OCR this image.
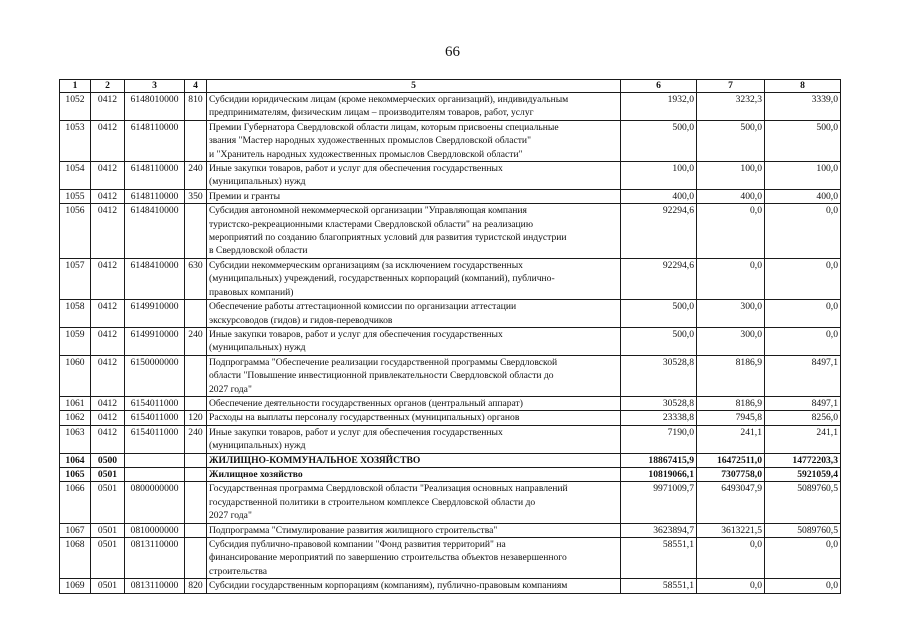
66
1	2	3	4	5	6	7	8
1052	0412	6148010000	810	Субсидии юридическим лицам (кроме некоммерческих организаций), индивидуальным
предпринимателям, физическим лицам – производителям товаров, работ, услуг	1932,0	3232,3	3339,0
1053	0412	6148110000		Премии Губернатора Свердловской области лицам, которым присвоены специальные
звания "Мастер народных художественных промыслов Свердловской области"
и "Хранитель народных художественных промыслов Свердловской области"	500,0	500,0	500,0
1054	0412	6148110000	240	Иные закупки товаров, работ и услуг для обеспечения государственных
(муниципальных) нужд	100,0	100,0	100,0
1055	0412	6148110000	350	Премии и гранты	400,0	400,0	400,0
1056	0412	6148410000		Субсидия автономной некоммерческой организации "Управляющая компания
туристско-рекреационными кластерами Свердловской области" на реализацию
мероприятий по созданию благоприятных условий для развития туристской индустрии
в Свердловской области	92294,6	0,0	0,0
1057	0412	6148410000	630	Субсидии некоммерческим организациям (за исключением государственных
(муниципальных) учреждений, государственных корпораций (компаний), публично-
правовых компаний)	92294,6	0,0	0,0
1058	0412	6149910000		Обеспечение работы аттестационной комиссии по организации аттестации
экскурсоводов (гидов) и гидов-переводчиков	500,0	300,0	0,0
1059	0412	6149910000	240	Иные закупки товаров, работ и услуг для обеспечения государственных
(муниципальных) нужд	500,0	300,0	0,0
1060	0412	6150000000		Подпрограмма "Обеспечение реализации государственной программы Свердловской
области "Повышение инвестиционной привлекательности Свердловской области до
2027 года"	30528,8	8186,9	8497,1
1061	0412	6154011000		Обеспечение деятельности государственных органов (центральный аппарат)	30528,8	8186,9	8497,1
1062	0412	6154011000	120	Расходы на выплаты персоналу государственных (муниципальных) органов	23338,8	7945,8	8256,0
1063	0412	6154011000	240	Иные закупки товаров, работ и услуг для обеспечения государственных
(муниципальных) нужд	7190,0	241,1	241,1
1064	0500			ЖИЛИЩНО-КОММУНАЛЬНОЕ ХОЗЯЙСТВО	18867415,9	16472511,0	14772203,3
1065	0501			Жилищное хозяйство	10819066,1	7307758,0	5921059,4
1066	0501	0800000000		Государственная программа Свердловской области "Реализация основных направлений
государственной политики в строительном комплексе Свердловской области до
2027 года"	9971009,7	6493047,9	5089760,5
1067	0501	0810000000		Подпрограмма "Стимулирование развития жилищного строительства"	3623894,7	3613221,5	5089760,5
1068	0501	0813110000		Субсидия публично-правовой компании "Фонд развития территорий" на
финансирование мероприятий по завершению строительства объектов незавершенного
строительства	58551,1	0,0	0,0
1069	0501	0813110000	820	Субсидии государственным корпорациям (компаниям), публично-правовым компаниям	58551,1	0,0	0,0
